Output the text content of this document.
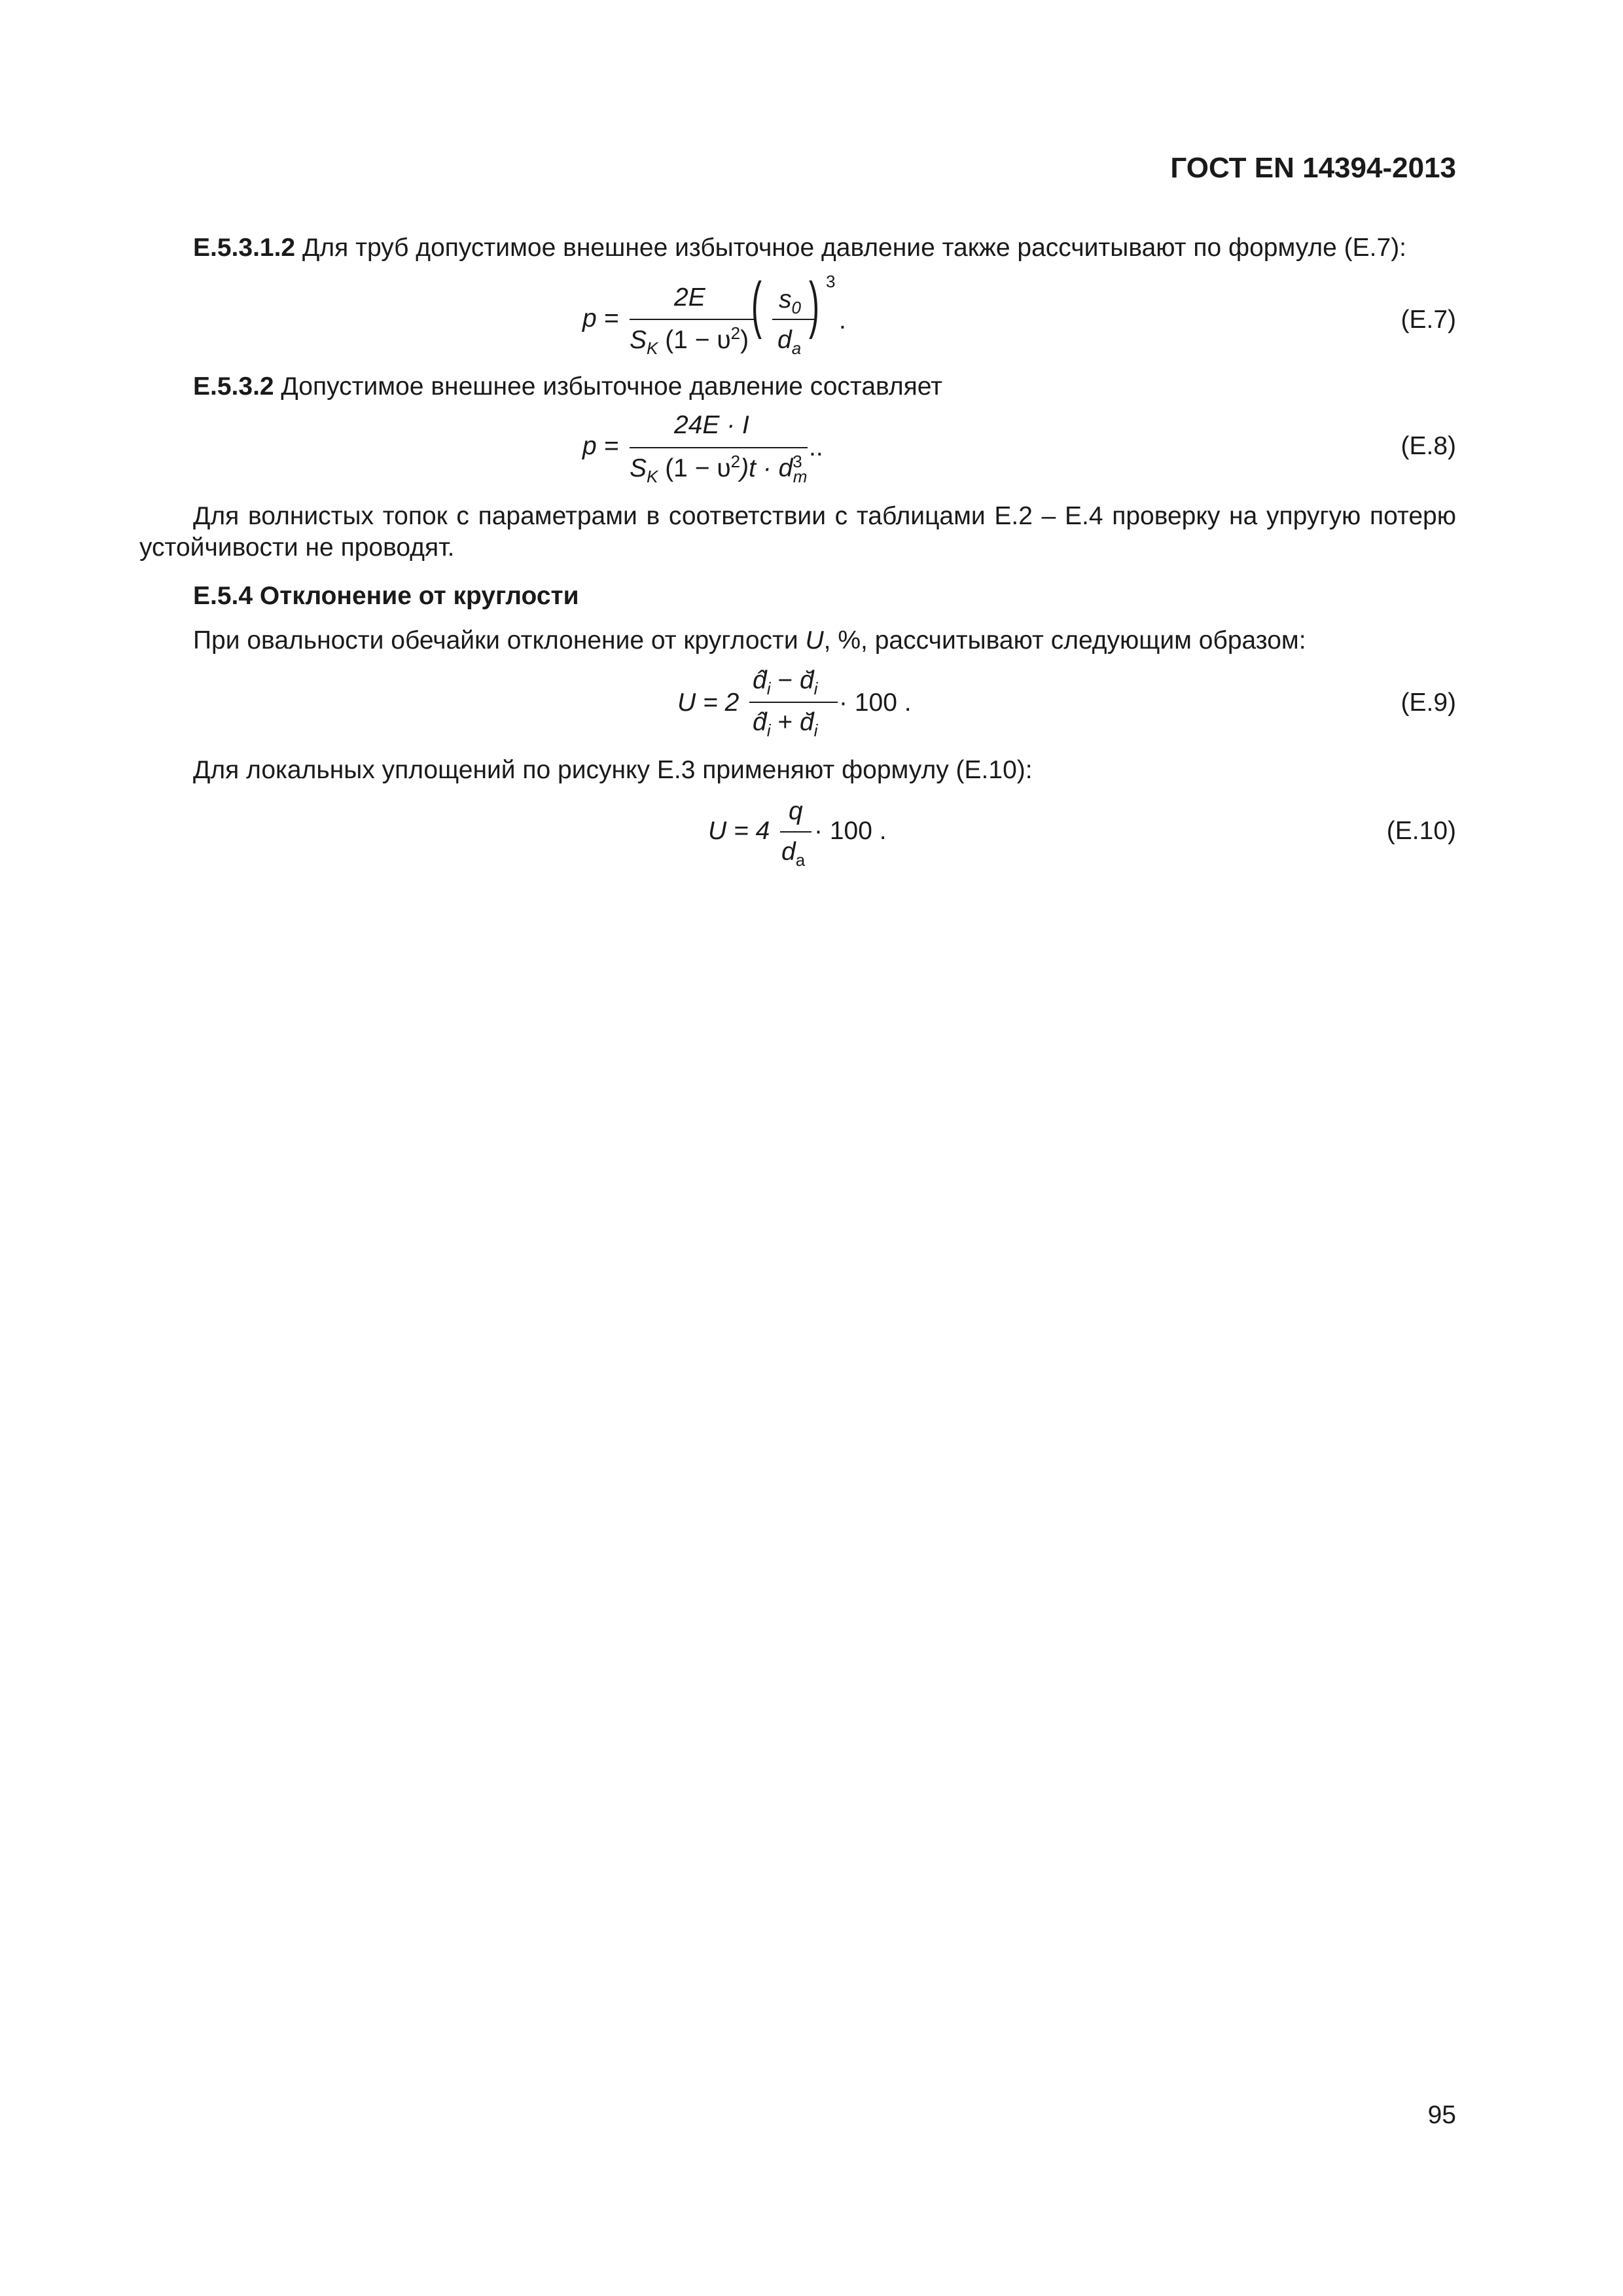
ГОСТ EN 14394-2013
E.5.3.1.2 Для труб допустимое внешнее избыточное давление также рассчитывают по формуле (E.7):
p =
2E
$S_K$ $(1 - \upsilon^2)$
( $s_0$
$d_a$
) 3
.	(E.7)
E.5.3.2 Допустимое внешнее избыточное давление составляет
p =
24E · I
$S_K$ $(1 - \upsilon^2)t \cdot d^3_m$
..	(E.8)
Для волнистых топок с параметрами в соответствии с таблицами E.2 – E.4 проверку на упругую потерю устойчивости не проводят.
E.5.4 Отклонение от круглости
При овальности обечайки отклонение от круглости U, %, рассчитывают следующим образом:
U = 2
$d̂_i$ − $d̆_i$
$d̂_i$ + $d̆_i$
· 100 .	(E.9)
Для локальных уплощений по рисунку E.3 применяют формулу (E.10):
U = 4
q
$d_a$
· 100 .	(E.10)
95
